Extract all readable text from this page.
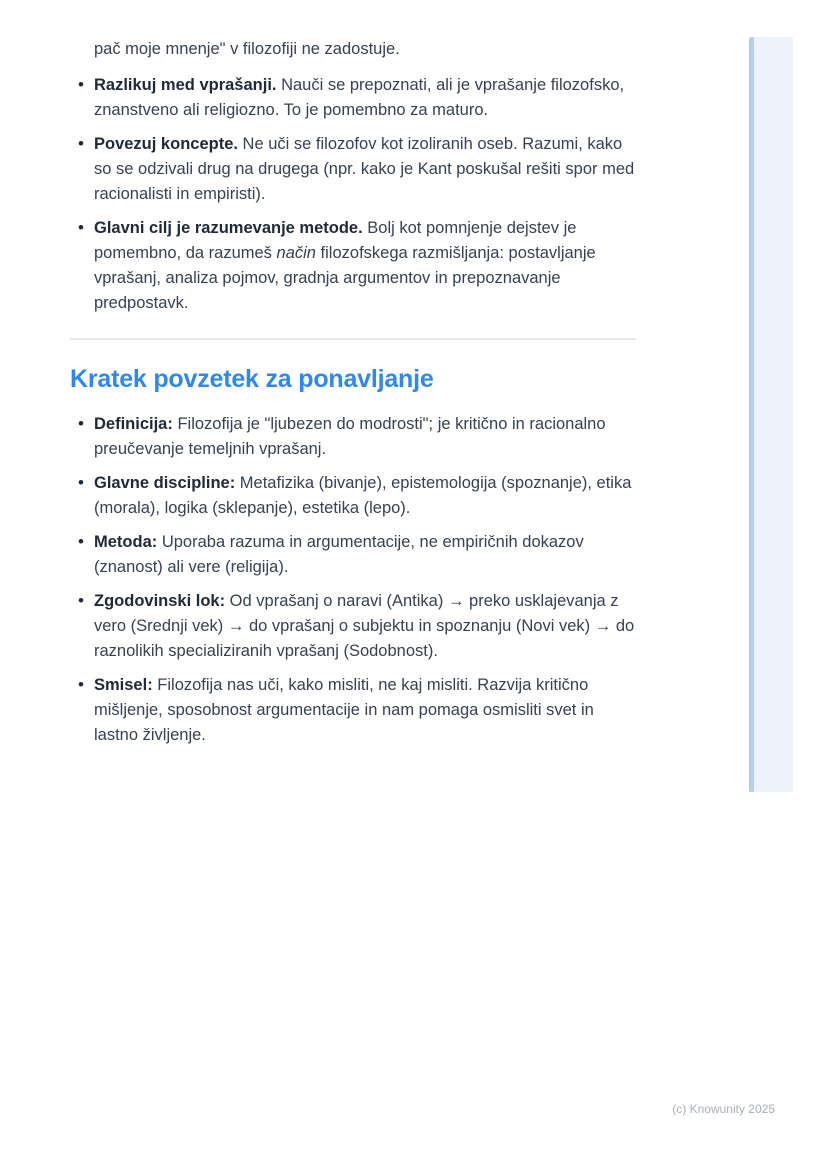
pač moje mnenje" v filozofiji ne zadostuje.

• Razlikuj med vprašanji. Nauči se prepoznati, ali je vprašanje filozofsko, znanstveno ali religiozno. To je pomembno za maturo.
• Povezuj koncepte. Ne uči se filozofov kot izoliranih oseb. Razumi, kako so se odzivali drug na drugega (npr. kako je Kant poskušal rešiti spor med racionalisti in empiristi).
• Glavni cilj je razumevanje metode. Bolj kot pomnjenje dejstev je pomembno, da razumeš način filozofskega razmišljanja: postavljanje vprašanj, analiza pojmov, gradnja argumentov in prepoznavanje predpostavk.
Kratek povzetek za ponavljanje
• Definicija: Filozofija je "ljubezen do modrosti"; je kritično in racionalno preučevanje temeljnih vprašanj.
• Glavne discipline: Metafizika (bivanje), epistemologija (spoznanje), etika (morala), logika (sklepanje), estetika (lepo).
• Metoda: Uporaba razuma in argumentacije, ne empiričnih dokazov (znanost) ali vere (religija).
• Zgodovinski lok: Od vprašanj o naravi (Antika) → preko usklajevanja z vero (Srednji vek) → do vprašanj o subjektu in spoznanju (Novi vek) → do raznolikih specializiranih vprašanj (Sodobnost).
• Smisel: Filozofija nas uči, kako misliti, ne kaj misliti. Razvija kritično mišljenje, sposobnost argumentacije in nam pomaga osmisliti svet in lastno življenje.
(c) Knowunity 2025
